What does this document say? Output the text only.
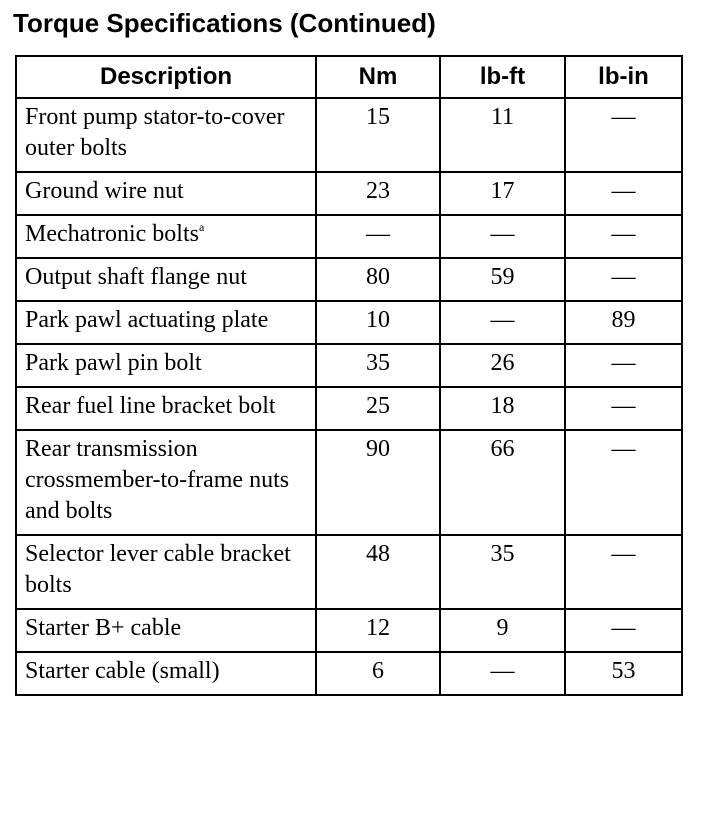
Torque Specifications (Continued)
Description	Nm	lb-ft	lb-in
Front pump stator-to-cover outer bolts	15	11	—
Ground wire nut	23	17	—
Mechatronic bolts$^a$	—	—	—
Output shaft flange nut	80	59	—
Park pawl actuating plate	10	—	89
Park pawl pin bolt	35	26	—
Rear fuel line bracket bolt	25	18	—
Rear transmission crossmember-to-frame nuts and bolts	90	66	—
Selector lever cable bracket bolts	48	35	—
Starter B+ cable	12	9	—
Starter cable (small)	6	—	53
